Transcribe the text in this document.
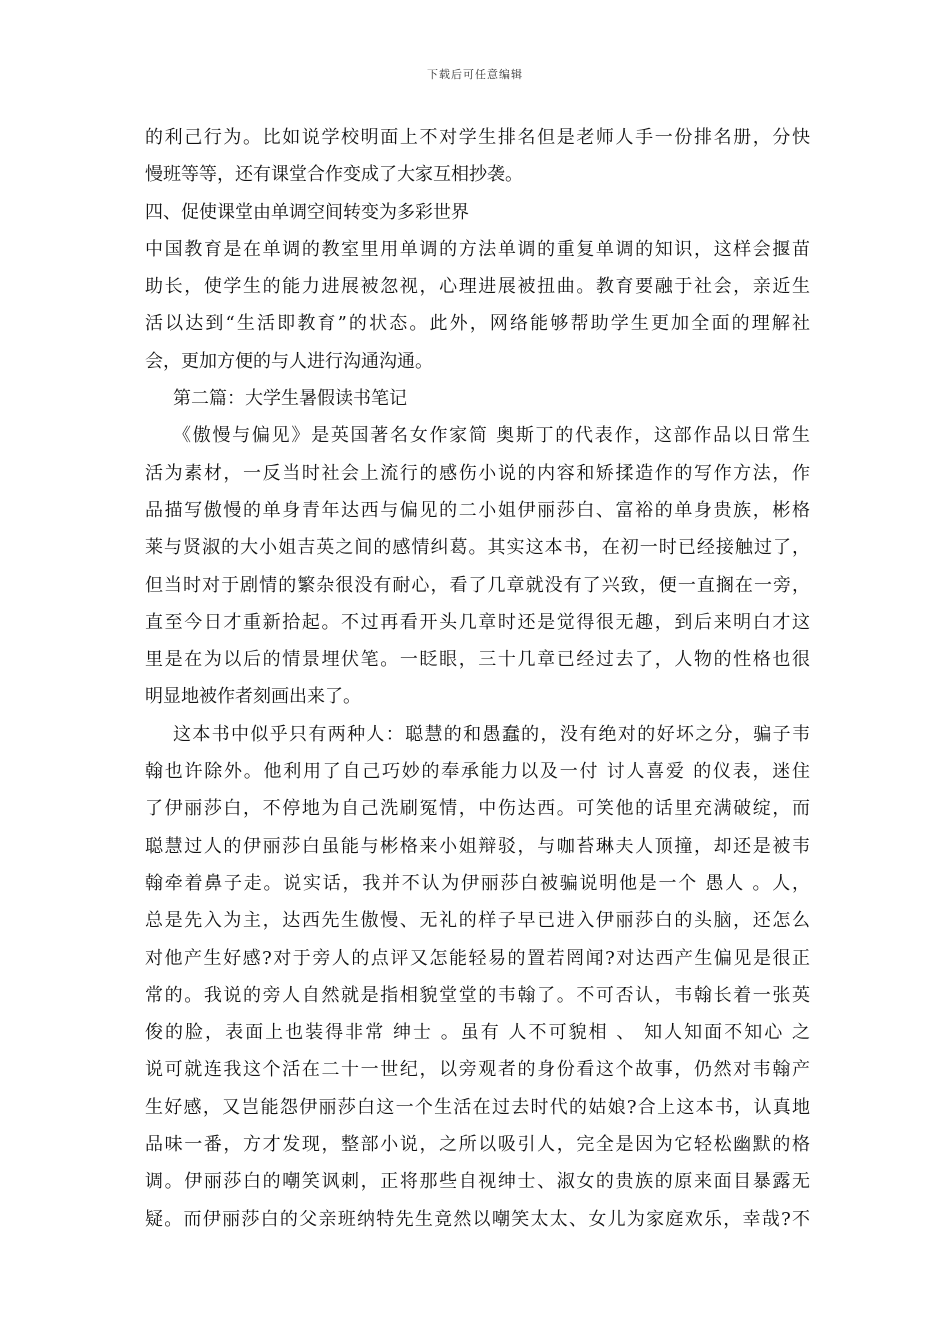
下载后可任意编辑
的利己行为。比如说学校明面上不对学生排名但是老师人手一份排名册，分快
慢班等等，还有课堂合作变成了大家互相抄袭。
四、促使课堂由单调空间转变为多彩世界
中国教育是在单调的教室里用单调的方法单调的重复单调的知识，这样会揠苗
助长，使学生的能力进展被忽视，心理进展被扭曲。教育要融于社会，亲近生
活以达到“生活即教育”的状态。此外，网络能够帮助学生更加全面的理解社
会，更加方便的与人进行沟通沟通。
第二篇：大学生暑假读书笔记
《傲慢与偏见》是英国著名女作家简 奥斯丁的代表作，这部作品以日常生
活为素材，一反当时社会上流行的感伤小说的内容和矫揉造作的写作方法，作
品描写傲慢的单身青年达西与偏见的二小姐伊丽莎白、富裕的单身贵族，彬格
莱与贤淑的大小姐吉英之间的感情纠葛。其实这本书，在初一时已经接触过了，
但当时对于剧情的繁杂很没有耐心，看了几章就没有了兴致，便一直搁在一旁，
直至今日才重新拾起。不过再看开头几章时还是觉得很无趣，到后来明白才这
里是在为以后的情景埋伏笔。一眨眼，三十几章已经过去了，人物的性格也很
明显地被作者刻画出来了。
这本书中似乎只有两种人：聪慧的和愚蠢的，没有绝对的好坏之分，骗子韦
翰也许除外。他利用了自己巧妙的奉承能力以及一付 讨人喜爱 的仪表，迷住
了伊丽莎白，不停地为自己洗刷冤情，中伤达西。可笑他的话里充满破绽，而
聪慧过人的伊丽莎白虽能与彬格来小姐辩驳，与咖苔琳夫人顶撞，却还是被韦
翰牵着鼻子走。说实话，我并不认为伊丽莎白被骗说明他是一个 愚人 。人，
总是先入为主，达西先生傲慢、无礼的样子早已进入伊丽莎白的头脑，还怎么
对他产生好感?对于旁人的点评又怎能轻易的置若罔闻?对达西产生偏见是很正
常的。我说的旁人自然就是指相貌堂堂的韦翰了。不可否认，韦翰长着一张英
俊的脸，表面上也装得非常 绅士 。虽有 人不可貌相 、 知人知面不知心 之
说可就连我这个活在二十一世纪，以旁观者的身份看这个故事，仍然对韦翰产
生好感，又岂能怨伊丽莎白这一个生活在过去时代的姑娘?合上这本书，认真地
品味一番，方才发现，整部小说，之所以吸引人，完全是因为它轻松幽默的格
调。伊丽莎白的嘲笑讽刺，正将那些自视绅士、淑女的贵族的原来面目暴露无
疑。而伊丽莎白的父亲班纳特先生竟然以嘲笑太太、女儿为家庭欢乐，幸哉?不
